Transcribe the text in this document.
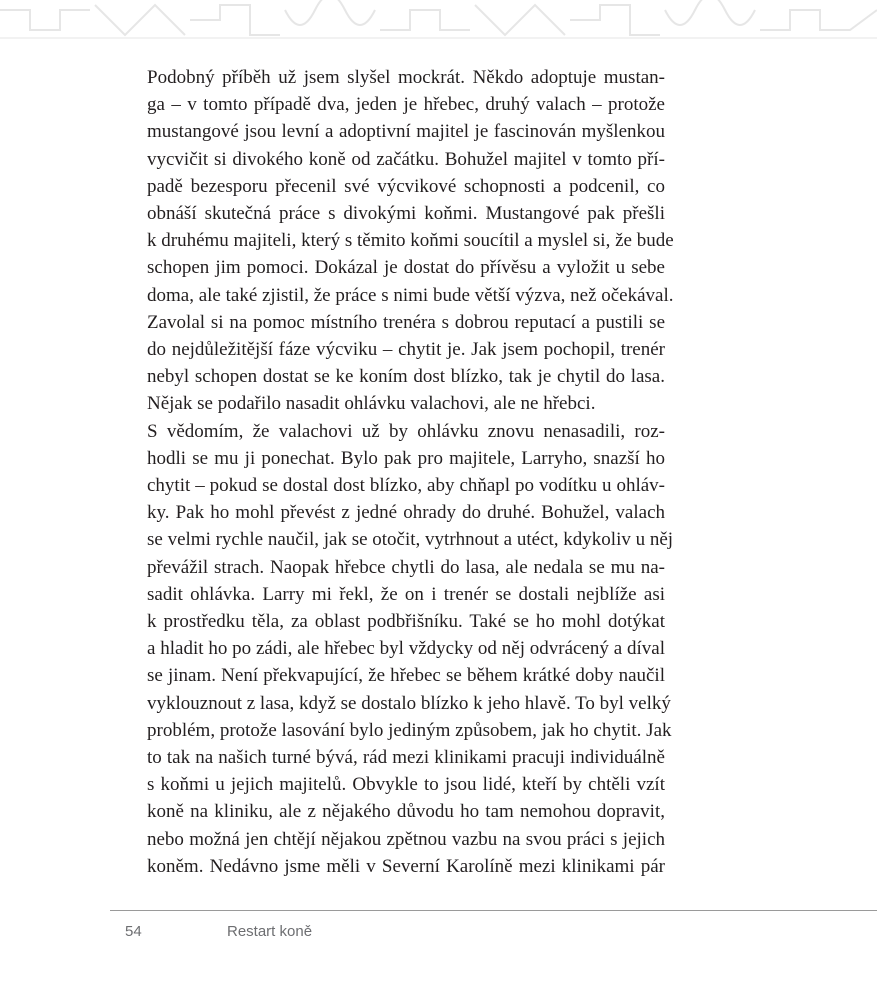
Podobný příběh už jsem slyšel mockrát. Někdo adoptuje mustan-
ga – v tomto případě dva, jeden je hřebec, druhý valach – protože
mustangové jsou levní a adoptivní majitel je fascinován myšlenkou
vycvičit si divokého koně od začátku. Bohužel majitel v tomto pří-
padě bezesporu přecenil své výcvikové schopnosti a podcenil, co
obnáší skutečná práce s divokými koňmi. Mustangové pak přešli
k druhému majiteli, který s těmito koňmi soucítil a myslel si, že bude
schopen jim pomoci. Dokázal je dostat do přívěsu a vyložit u sebe
doma, ale také zjistil, že práce s nimi bude větší výzva, než očekával.
Zavolal si na pomoc místního trenéra s dobrou reputací a pustili se
do nejdůležitější fáze výcviku – chytit je. Jak jsem pochopil, trenér
nebyl schopen dostat se ke koním dost blízko, tak je chytil do lasa.
Nějak se podařilo nasadit ohlávku valachovi, ale ne hřebci.

S vědomím, že valachovi už by ohlávku znovu nenasadili, roz-
hodli se mu ji ponechat. Bylo pak pro majitele, Larryho, snazší ho
chytit – pokud se dostal dost blízko, aby chňapl po vodítku u ohláv-
ky. Pak ho mohl převést z jedné ohrady do druhé. Bohužel, valach
se velmi rychle naučil, jak se otočit, vytrhnout a utéct, kdykoliv u něj
převážil strach. Naopak hřebce chytli do lasa, ale nedala se mu na-
sadit ohlávka. Larry mi řekl, že on i trenér se dostali nejblíže asi
k prostředku těla, za oblast podbřišníku. Také se ho mohl dotýkat
a hladit ho po zádi, ale hřebec byl vždycky od něj odvrácený a díval
se jinam. Není překvapující, že hřebec se během krátké doby naučil
vyklouznout z lasa, když se dostalo blízko k jeho hlavě. To byl velký
problém, protože lasování bylo jediným způsobem, jak ho chytit. Jak
to tak na našich turné bývá, rád mezi klinikami pracuji individuálně
s koňmi u jejich majitelů. Obvykle to jsou lidé, kteří by chtěli vzít
koně na kliniku, ale z nějakého důvodu ho tam nemohou dopravit,
nebo možná jen chtějí nějakou zpětnou vazbu na svou práci s jejich
koněm. Nedávno jsme měli v Severní Karolíně mezi klinikami pár

54	Restart koně
